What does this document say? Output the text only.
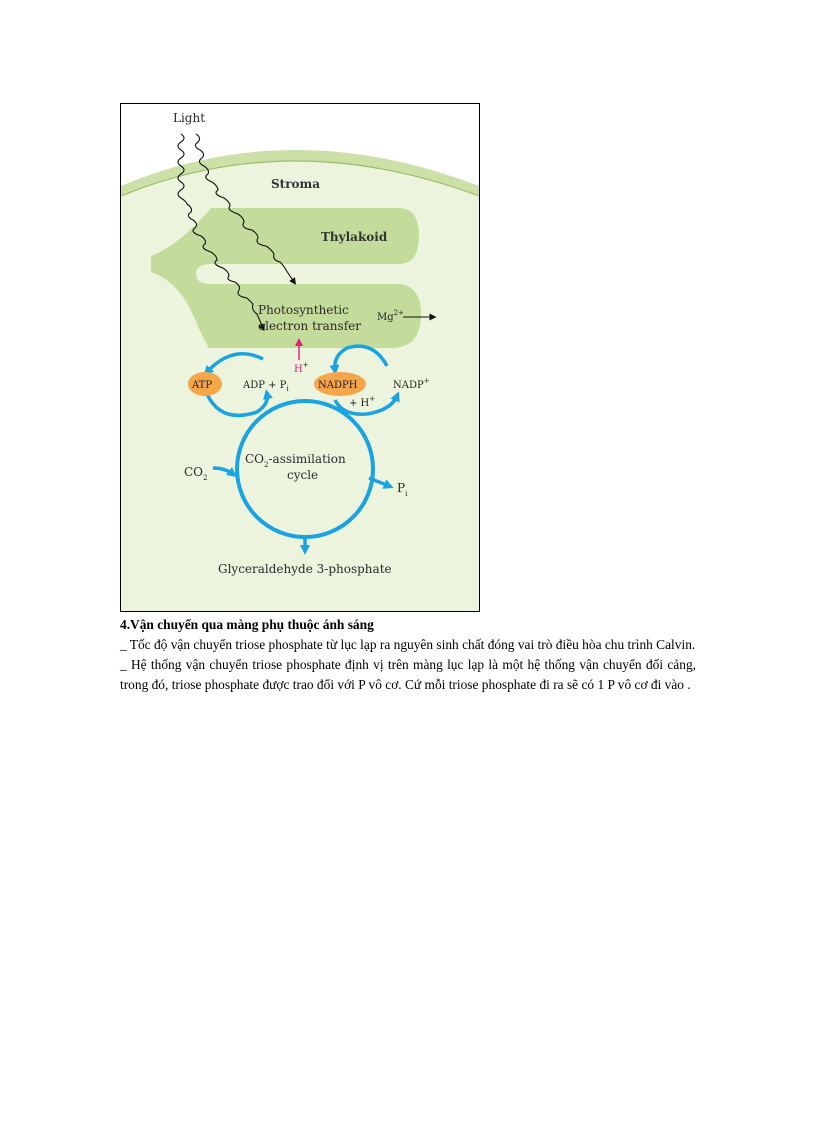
Light
Stroma
Thylakoid
Photosynthetic
electron transfer
$Mg^{2+}$
H+
$CO_2$-assimilation
cycle
ATP	ADP + $P_i$	NADPH	NADP+
+ H+
$CO_2$
$P_i$
Glyceraldehyde 3-phosphate

4.Vận chuyển qua màng phụ thuộc ánh sáng

_ Tốc độ vận chuyển triose phosphate từ lục lạp ra nguyên sinh chất đóng vai trò điều hòa chu trình Calvin.

_ Hệ thống vận chuyển triose phosphate định vị trên màng lục lạp là một hệ thống vận chuyển đối cảng, trong đó, triose phosphate được trao đổi với P vô cơ. Cứ mỗi triose phosphate đi ra sẽ có 1 P vô cơ đi vào .
